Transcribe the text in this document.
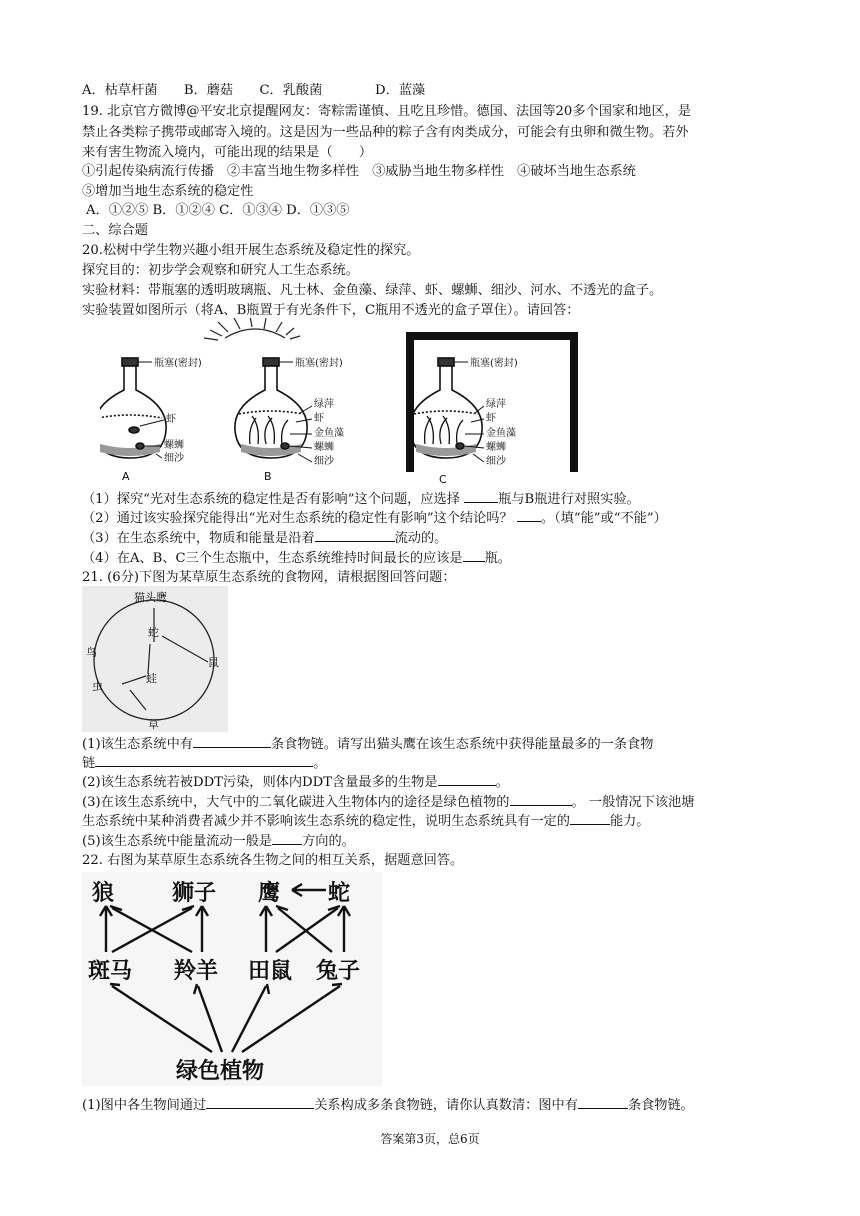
A．枯草杆菌　　B．蘑菇　　C．乳酸菌　　　　D．蓝藻
19. 北京官方微博@平安北京提醒网友：寄粽需谨慎、且吃且珍惜。德国、法国等20多个国家和地区，是
禁止各类粽子携带或邮寄入境的。这是因为一些品种的粽子含有肉类成分，可能会有虫卵和微生物。若外
来有害生物流入境内，可能出现的结果是（　　）
①引起传染病流行传播　②丰富当地生物多样性　③威胁当地生物多样性　④破坏当地生态系统
⑤增加当地生态系统的稳定性
A．①②⑤ B．①②④ C．①③④ D．①③⑤
二、综合题
20.松树中学生物兴趣小组开展生态系统及稳定性的探究。
探究目的：初步学会观察和研究人工生态系统。
实验材料：带瓶塞的透明玻璃瓶、凡士林、金鱼藻、绿萍、虾、螺蛳、细沙、河水、不透光的盒子。
实验装置如图所示（将A、B瓶置于有光条件下，C瓶用不透光的盒子罩住）。请回答：
瓶塞(密封)
虾
螺蛳
细沙
A
瓶塞(密封)
绿萍
虾
金鱼藻
螺蛳
细沙
B
瓶塞(密封)
绿萍
虾
金鱼藻
螺蛳
细沙
C
（1）探究“光对生态系统的稳定性是否有影响”这个问题，应选择	瓶与B瓶进行对照实验。
（2）通过该实验探究能得出“光对生态系统的稳定性有影响”这个结论吗？ 。（填“能”或“不能”）
（3）在生态系统中，物质和能量是沿着	流动的。
（4）在A、B、C三个生态瓶中，生态系统维持时间最长的应该是 瓶。
21. (6分)下图为某草原生态系统的食物网，请根据图回答问题：
猫头鹰
蛇
鸟
鼠
虫
蛙
草
(1)该生态系统中有	条食物链。请写出猫头鹰在该生态系统中获得能量最多的一条食物
链	。
(2)该生态系统若被DDT污染，则体内DDT含量最多的生物是	。
(3)在该生态系统中，大气中的二氧化碳进入生物体内的途径是绿色植物的	。 一般情况下该池塘
生态系统中某种消费者减少并不影响该生态系统的稳定性，说明生态系统具有一定的	能力。
(5)该生态系统中能量流动一般是 方向的。
22. 右图为某草原生态系统各生物之间的相互关系，据题意回答。
狼	狮子 鹰 蛇
斑马 羚羊 田鼠 兔子
绿色植物
(1)图中各生物间通过	关系构成多条食物链，请你认真数清：图中有	条食物链。
答案第3页，总6页
